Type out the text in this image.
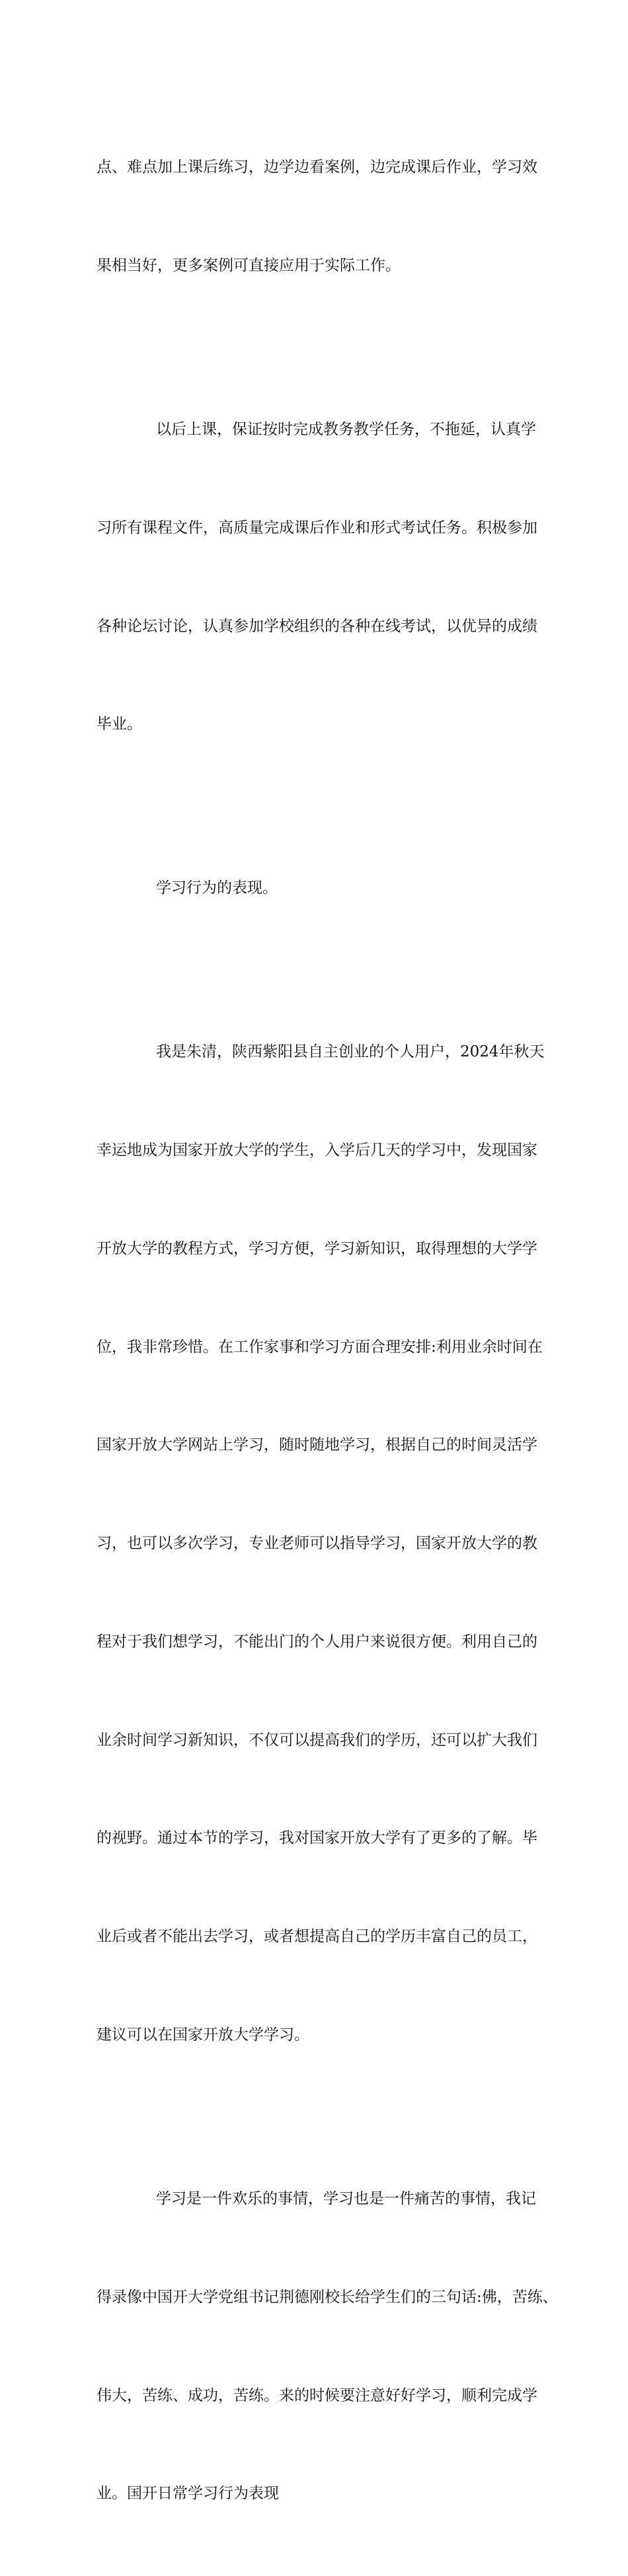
点、难点加上课后练习，边学边看案例，边完成课后作业，学习效

果相当好，更多案例可直接应用于实际工作。

以后上课，保证按时完成教务教学任务，不拖延，认真学

习所有课程文件，高质量完成课后作业和形式考试任务。积极参加

各种论坛讨论，认真参加学校组织的各种在线考试，以优异的成绩

毕业。

学习行为的表现。

我是朱清，陕西紫阳县自主创业的个人用户，2024年秋天

幸运地成为国家开放大学的学生，入学后几天的学习中，发现国家

开放大学的教程方式，学习方便，学习新知识，取得理想的大学学

位，我非常珍惜。在工作家事和学习方面合理安排:利用业余时间在

国家开放大学网站上学习，随时随地学习，根据自己的时间灵活学

习，也可以多次学习，专业老师可以指导学习，国家开放大学的教

程对于我们想学习，不能出门的个人用户来说很方便。利用自己的

业余时间学习新知识，不仅可以提高我们的学历，还可以扩大我们

的视野。通过本节的学习，我对国家开放大学有了更多的了解。毕

业后或者不能出去学习，或者想提高自己的学历丰富自己的员工，

建议可以在国家开放大学学习。

学习是一件欢乐的事情，学习也是一件痛苦的事情，我记

得录像中国开大学党组书记荆德刚校长给学生们的三句话:佛，苦练、

伟大，苦练、成功，苦练。来的时候要注意好好学习，顺利完成学

业。国开日常学习行为表现
